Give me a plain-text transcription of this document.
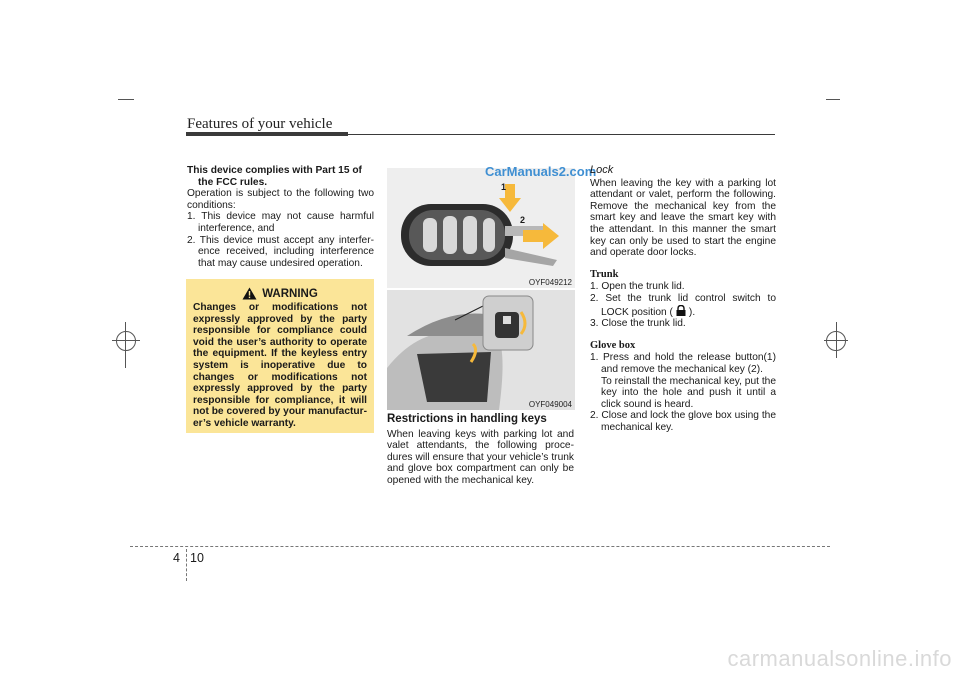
Features of your vehicle

This device complies with Part 15 of

the FCC rules.

Operation is subject to the following two conditions:

1. This device may not cause harmful interference, and

2. This device must accept any interfer-ence received, including interference that may cause undesired operation.

WARNING

Changes or modifications not expressly approved by the party responsible for compliance could void the user’s authority to operate the equipment. If the keyless entry system is inoperative due to changes or modifications not expressly approved by the party responsible for compliance, it will not be covered by your manufactur-er’s vehicle warranty.

1
2
OYF049212
CarManuals2.com
OYF049004

Restrictions in handling keys

When leaving keys with parking lot and valet attendants, the following proce-dures will ensure that your vehicle’s trunk and glove box compartment can only be opened with the mechanical key.

Lock

When leaving the key with a parking lot attendant or valet, perform the following. Remove the mechanical key from the smart key and leave the smart key with the attendant. In this manner the smart key can only be used to start the engine and operate door locks.

Trunk

1. Open the trunk lid.

2. Set the trunk lid control switch to LOCK position ( ).

3. Close the trunk lid.

Glove box

1. Press and hold the release button(1) and remove the mechanical key (2).

To reinstall the mechanical key, put the key into the hole and push it until a click sound is heard.

2. Close and lock the glove box using the mechanical key.

4 10
carmanualsonline.info
